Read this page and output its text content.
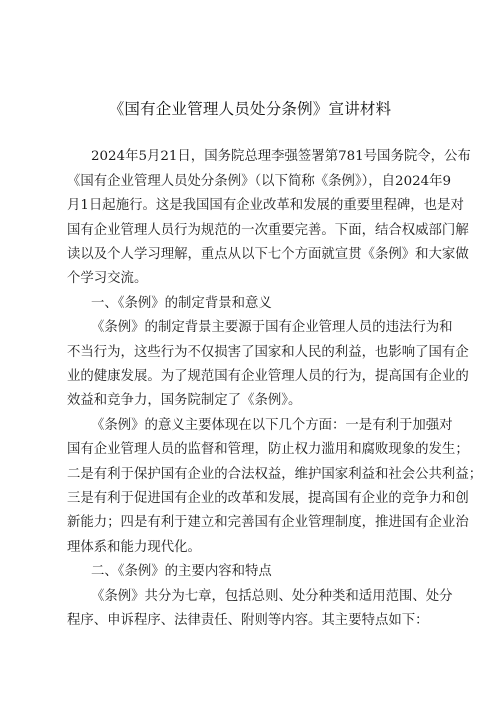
《国有企业管理人员处分条例》宣讲材料
2024年5月21日，国务院总理李强签署第781号国务院令，公布
《国有企业管理人员处分条例》（以下简称《条例》），自2024年9
月1日起施行。这是我国国有企业改革和发展的重要里程碑，也是对
国有企业管理人员行为规范的一次重要完善。下面，结合权威部门解
读以及个人学习理解，重点从以下七个方面就宣贯《条例》和大家做
个学习交流。
一、《条例》的制定背景和意义
《条例》的制定背景主要源于国有企业管理人员的违法行为和
不当行为，这些行为不仅损害了国家和人民的利益，也影响了国有企
业的健康发展。为了规范国有企业管理人员的行为，提高国有企业的
效益和竞争力，国务院制定了《条例》。
《条例》的意义主要体现在以下几个方面：一是有利于加强对
国有企业管理人员的监督和管理，防止权力滥用和腐败现象的发生；
二是有利于保护国有企业的合法权益，维护国家利益和社会公共利益；
三是有利于促进国有企业的改革和发展，提高国有企业的竞争力和创
新能力；四是有利于建立和完善国有企业管理制度，推进国有企业治
理体系和能力现代化。
二、《条例》的主要内容和特点
《条例》共分为七章，包括总则、处分种类和适用范围、处分
程序、申诉程序、法律责任、附则等内容。其主要特点如下：
